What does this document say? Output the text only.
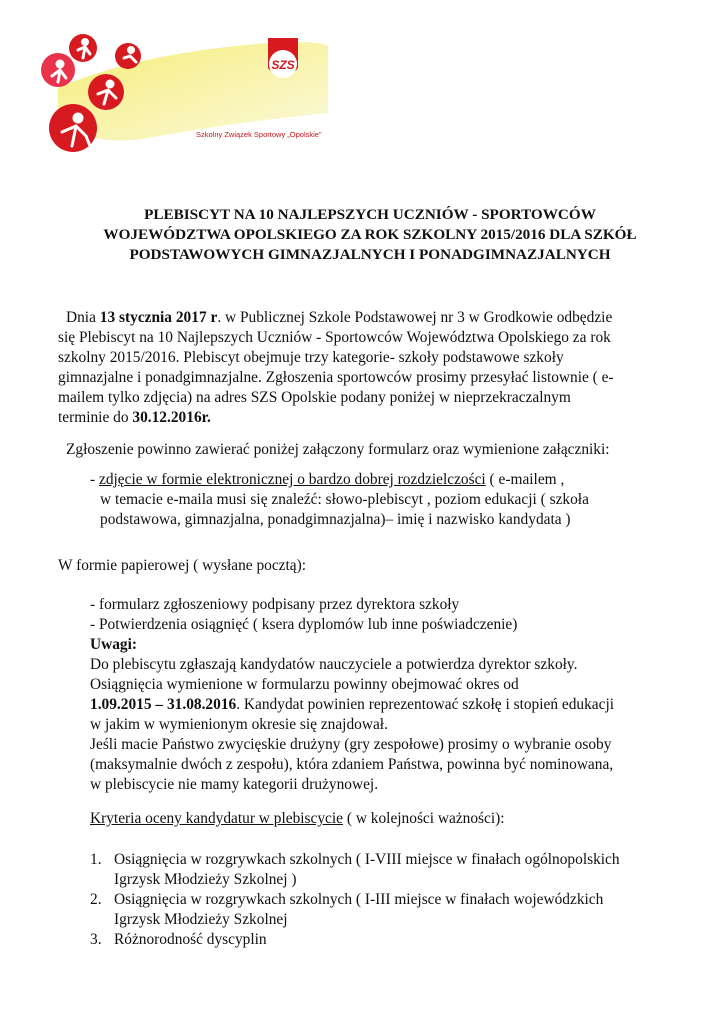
SZS
Szkolny Związek Sportowy „Opolskie”
PLEBISCYT NA 10 NAJLEPSZYCH UCZNIÓW - SPORTOWCÓW
WOJEWÓDZTWA OPOLSKIEGO ZA ROK SZKOLNY 2015/2016 DLA SZKÓŁ
PODSTAWOWYCH GIMNAZJALNYCH I PONADGIMNAZJALNYCH
Dnia 13 stycznia 2017 r. w Publicznej Szkole Podstawowej nr 3 w Grodkowie odbędzie
się Plebiscyt na 10 Najlepszych Uczniów - Sportowców Województwa Opolskiego za rok
szkolny 2015/2016. Plebiscyt obejmuje trzy kategorie- szkoły podstawowe szkoły
gimnazjalne i ponadgimnazjalne. Zgłoszenia sportowców prosimy przesyłać listownie ( e-
mailem tylko zdjęcia) na adres SZS Opolskie podany poniżej w nieprzekraczalnym
terminie do 30.12.2016r.
Zgłoszenie powinno zawierać poniżej załączony formularz oraz wymienione załączniki:
- zdjęcie w formie elektronicznej o bardzo dobrej rozdzielczości ( e-mailem ,
w temacie e-maila musi się znaleźć: słowo-plebiscyt , poziom edukacji ( szkoła
podstawowa, gimnazjalna, ponadgimnazjalna)– imię i nazwisko kandydata )
W formie papierowej ( wysłane pocztą):
- formularz zgłoszeniowy podpisany przez dyrektora szkoły
- Potwierdzenia osiągnięć ( ksera dyplomów lub inne poświadczenie)
Uwagi:
Do plebiscytu zgłaszają kandydatów nauczyciele a potwierdza dyrektor szkoły.
Osiągnięcia wymienione w formularzu powinny obejmować okres od
1.09.2015 – 31.08.2016. Kandydat powinien reprezentować szkołę i stopień edukacji
w jakim w wymienionym okresie się znajdował.
Jeśli macie Państwo zwycięskie drużyny (gry zespołowe) prosimy o wybranie osoby
(maksymalnie dwóch z zespołu), która zdaniem Państwa, powinna być nominowana,
w plebiscycie nie mamy kategorii drużynowej.
Kryteria oceny kandydatur w plebiscycie ( w kolejności ważności):
1. Osiągnięcia w rozgrywkach szkolnych ( I-VIII miejsce w finałach ogólnopolskich
Igrzysk Młodzieży Szkolnej )
2. Osiągnięcia w rozgrywkach szkolnych ( I-III miejsce w finałach wojewódzkich
Igrzysk Młodzieży Szkolnej
3. Różnorodność dyscyplin
